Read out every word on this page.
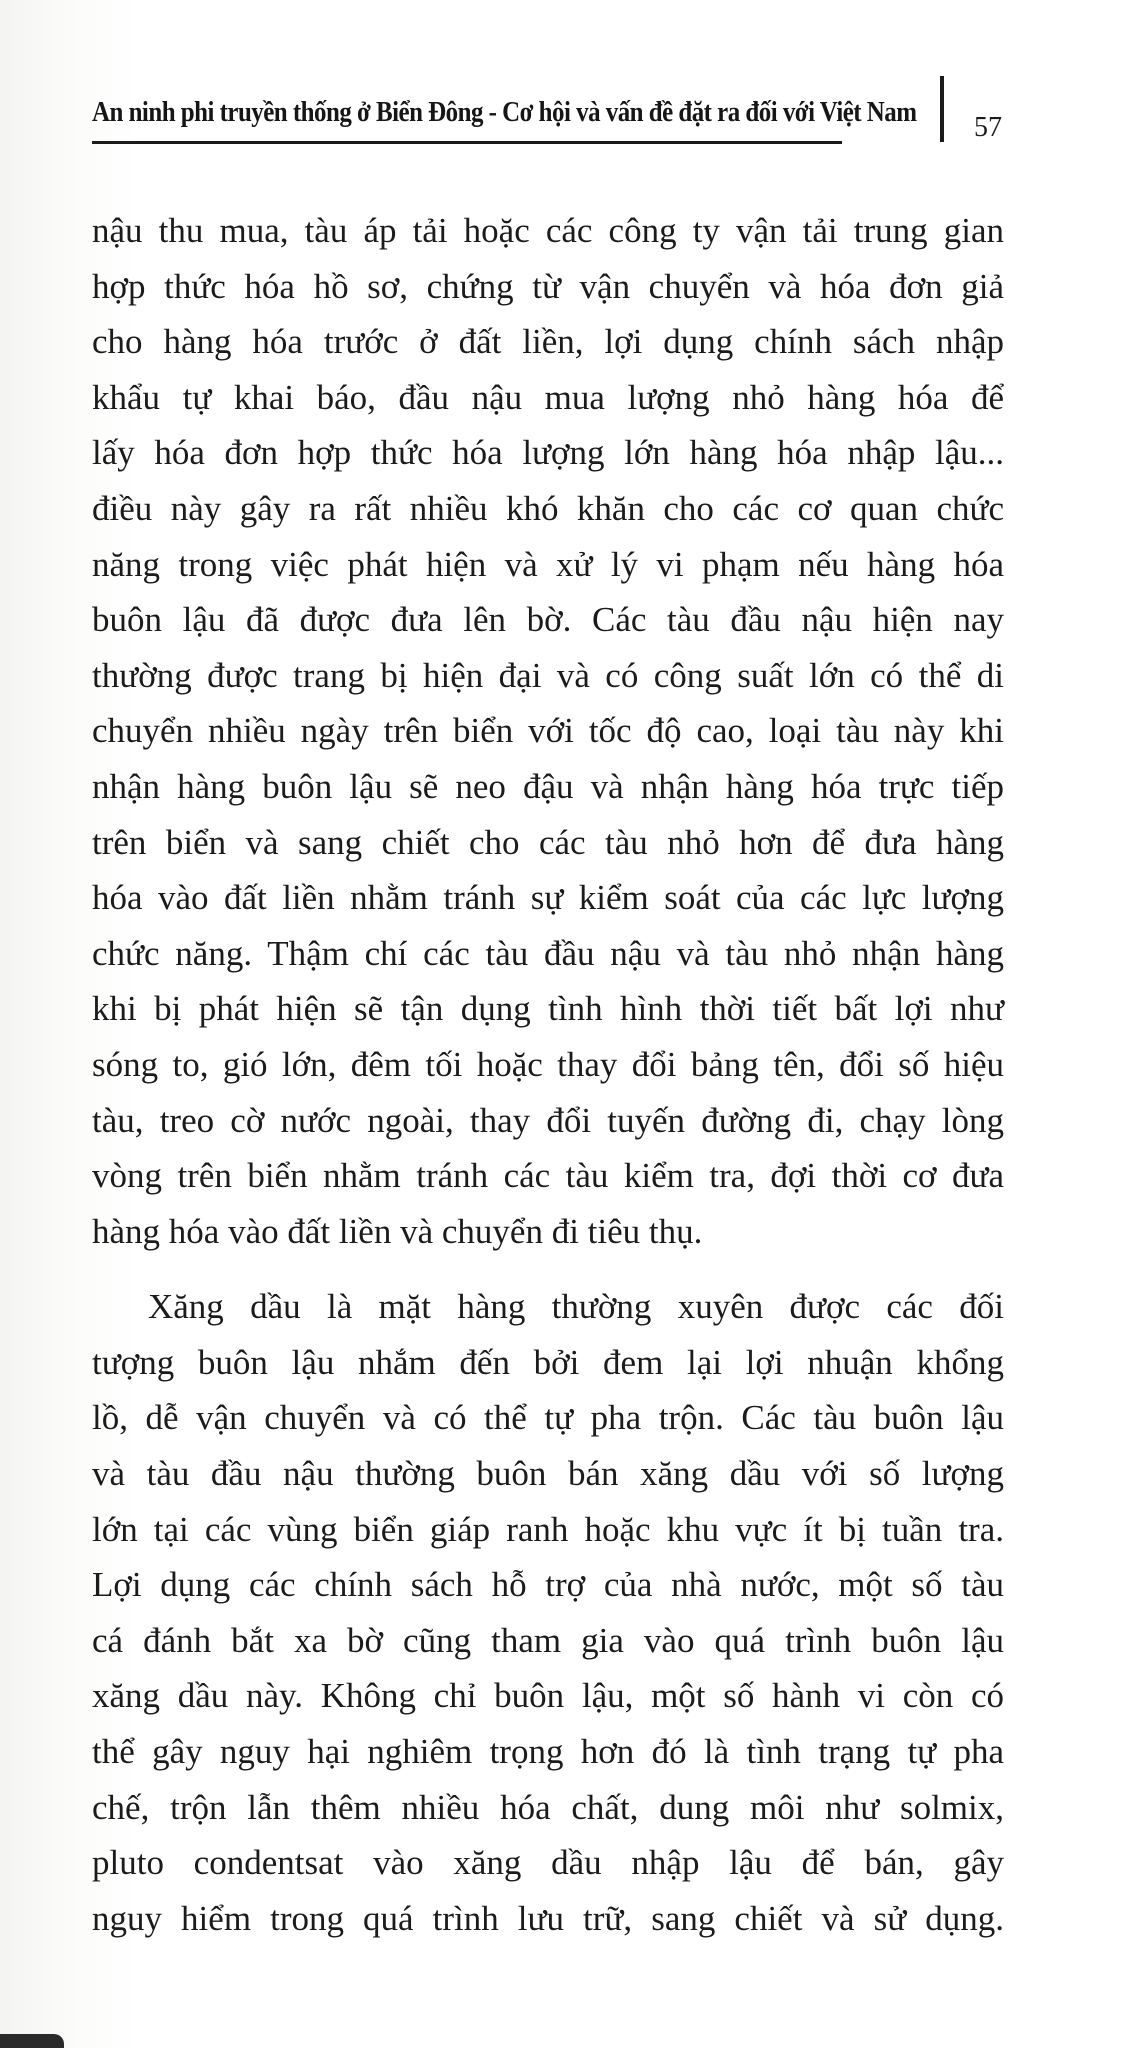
An ninh phi truyền thống ở Biển Đông - Cơ hội và vấn đề đặt ra đối với Việt Nam 57
nậu thu mua, tàu áp tải hoặc các công ty vận tải trung gian
hợp thức hóa hồ sơ, chứng từ vận chuyển và hóa đơn giả
cho hàng hóa trước ở đất liền, lợi dụng chính sách nhập
khẩu tự khai báo, đầu nậu mua lượng nhỏ hàng hóa để
lấy hóa đơn hợp thức hóa lượng lớn hàng hóa nhập lậu...
điều này gây ra rất nhiều khó khăn cho các cơ quan chức
năng trong việc phát hiện và xử lý vi phạm nếu hàng hóa
buôn lậu đã được đưa lên bờ. Các tàu đầu nậu hiện nay
thường được trang bị hiện đại và có công suất lớn có thể di
chuyển nhiều ngày trên biển với tốc độ cao, loại tàu này khi
nhận hàng buôn lậu sẽ neo đậu và nhận hàng hóa trực tiếp
trên biển và sang chiết cho các tàu nhỏ hơn để đưa hàng
hóa vào đất liền nhằm tránh sự kiểm soát của các lực lượng
chức năng. Thậm chí các tàu đầu nậu và tàu nhỏ nhận hàng
khi bị phát hiện sẽ tận dụng tình hình thời tiết bất lợi như
sóng to, gió lớn, đêm tối hoặc thay đổi bảng tên, đổi số hiệu
tàu, treo cờ nước ngoài, thay đổi tuyến đường đi, chạy lòng
vòng trên biển nhằm tránh các tàu kiểm tra, đợi thời cơ đưa
hàng hóa vào đất liền và chuyển đi tiêu thụ.
Xăng dầu là mặt hàng thường xuyên được các đối
tượng buôn lậu nhắm đến bởi đem lại lợi nhuận khổng
lồ, dễ vận chuyển và có thể tự pha trộn. Các tàu buôn lậu
và tàu đầu nậu thường buôn bán xăng dầu với số lượng
lớn tại các vùng biển giáp ranh hoặc khu vực ít bị tuần tra.
Lợi dụng các chính sách hỗ trợ của nhà nước, một số tàu
cá đánh bắt xa bờ cũng tham gia vào quá trình buôn lậu
xăng dầu này. Không chỉ buôn lậu, một số hành vi còn có
thể gây nguy hại nghiêm trọng hơn đó là tình trạng tự pha
chế, trộn lẫn thêm nhiều hóa chất, dung môi như solmix,
pluto condentsat vào xăng dầu nhập lậu để bán, gây
nguy hiểm trong quá trình lưu trữ, sang chiết và sử dụng.
